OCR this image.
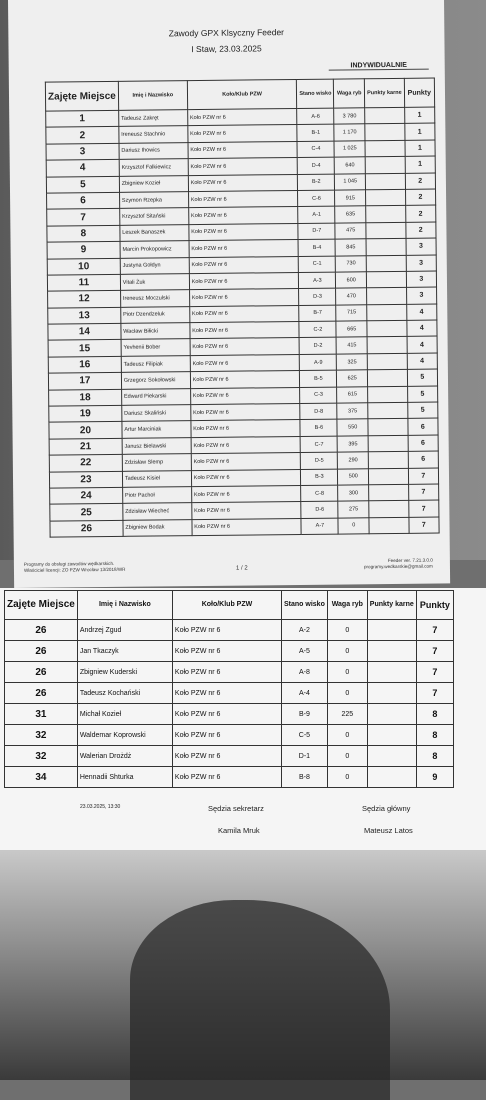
Zawody GPX Klsyczny Feeder
I Staw, 23.03.2025
INDYWIDUALNIE
Zajęte Miejsce	Imię i Nazwisko	Koło/Klub PZW	Stano wisko	Waga ryb	Punkty karne	Punkty
1	Tadeusz Zakręt	Koło PZW nr 6	A-6	3 780		1
2	Ireneusz Stachnio	Koło PZW nr 6	B-1	1 170		1
3	Dariusz Ihowics	Koło PZW nr 6	C-4	1 025		1
4	Krzysztof Falkiewicz	Koło PZW nr 6	D-4	640		1
5	Zbigniew Kozieł	Koło PZW nr 6	B-2	1 045		2
6	Szymon Rzepka	Koło PZW nr 6	C-6	915		2
7	Krzysztof Sitański	Koło PZW nr 6	A-1	635		2
8	Leszek Banaszek	Koło PZW nr 6	D-7	475		2
9	Marcin Prokopowicz	Koło PZW nr 6	B-4	845		3
10	Justyna Gołdyn	Koło PZW nr 6	C-1	730		3
11	Vitali Żuk	Koło PZW nr 6	A-3	600		3
12	Ireneusz Moczulski	Koło PZW nr 6	D-3	470		3
13	Piotr Dzendzeluk	Koło PZW nr 6	B-7	715		4
14	Wacław Biłicki	Koło PZW nr 6	C-2	665		4
15	Yevhenii Bober	Koło PZW nr 6	D-2	415		4
16	Tadeusz Filipiak	Koło PZW nr 6	A-9	325		4
17	Grzegorz Sokołowski	Koło PZW nr 6	B-5	625		5
18	Edward Piekarski	Koło PZW nr 6	C-3	615		5
19	Dariusz Skaliński	Koło PZW nr 6	D-8	375		5
20	Artur Marciniak	Koło PZW nr 6	B-6	550		6
21	Janusz Bielawski	Koło PZW nr 6	C-7	395		6
22	Zdzisław Slemp	Koło PZW nr 6	D-5	290		6
23	Tadeusz Kisiel	Koło PZW nr 6	B-3	500		7
24	Piotr Pachoł	Koło PZW nr 6	C-8	300		7
25	Zdzisław Wiecheć	Koło PZW nr 6	D-6	275		7
26	Zbigniew Bodak	Koło PZW nr 6	A-7	0		7
Programy do obsługi zawodów wędkarskich.
Właściciel licencji: ZO PZW Wrocław 13/2018/WR	1 / 2
Feeder ver. 7.21.3.0.0
programy.wedkarskie@gmail.com
Zajęte Miejsce	Imię i Nazwisko	Koło/Klub PZW	Stano wisko	Waga ryb	Punkty karne	Punkty
26	Andrzej Zgud	Koło PZW nr 6	A-2	0		7
26	Jan Tkaczyk	Koło PZW nr 6	A-5	0		7
26	Zbigniew Kuderski	Koło PZW nr 6	A-8	0		7
26	Tadeusz Kochański	Koło PZW nr 6	A-4	0		7
31	Michał Kozieł	Koło PZW nr 6	B-9	225		8
32	Waldemar Koprowski	Koło PZW nr 6	C-5	0		8
32	Walerian Drożdż	Koło PZW nr 6	D-1	0		8
34	Hennadii Shturka	Koło PZW nr 6	B-8	0		9
23.03.2025, 13:30	Sędzia sekretarz
Kamila Mruk
Sędzia główny
Mateusz Latos
